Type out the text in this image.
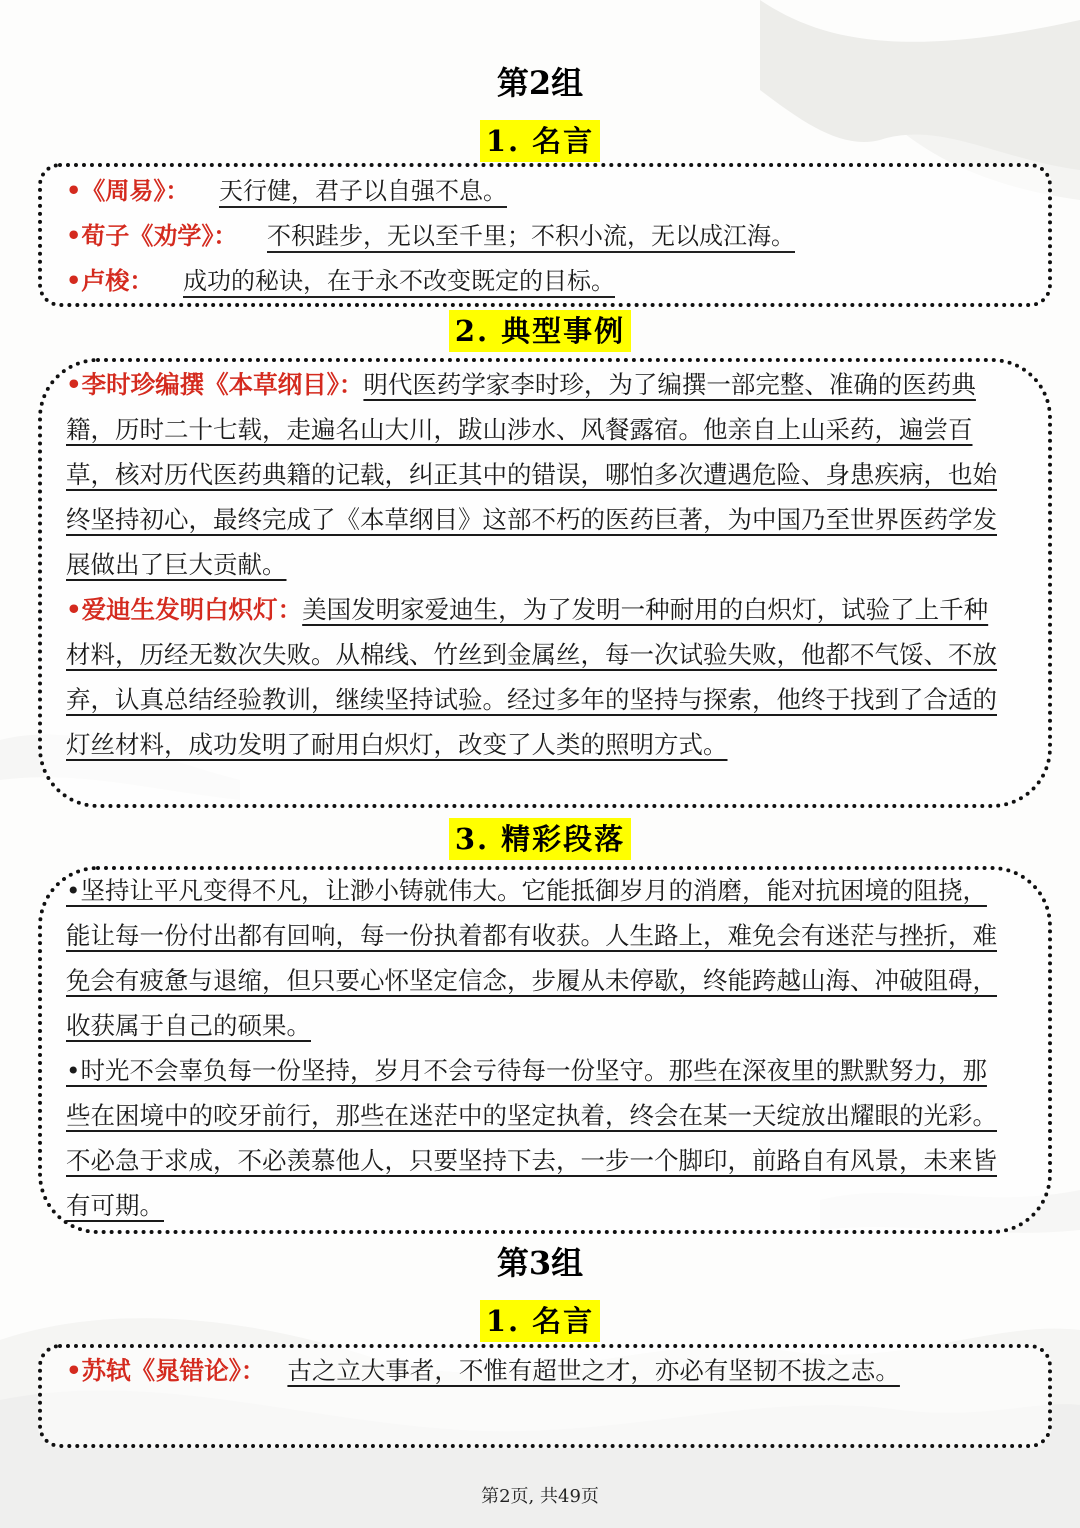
第2组
1. 名言
•《周易》： 天行健，君子以自强不息。
•荀子《劝学》： 不积跬步，无以至千里；不积小流，无以成江海。
•卢梭： 成功的秘诀，在于永不改变既定的目标。
2. 典型事例

•李时珍编撰《本草纲目》：明代医药学家李时珍，为了编撰一部完整、准确的医药典籍，历时二十七载，走遍名山大川，跋山涉水、风餐露宿。他亲自上山采药，遍尝百草，核对历代医药典籍的记载，纠正其中的错误，哪怕多次遭遇危险、身患疾病，也始终坚持初心，最终完成了《本草纲目》这部不朽的医药巨著，为中国乃至世界医药学发展做出了巨大贡献。

•爱迪生发明白炽灯：美国发明家爱迪生，为了发明一种耐用的白炽灯，试验了上千种材料，历经无数次失败。从棉线、竹丝到金属丝，每一次试验失败，他都不气馁、不放弃，认真总结经验教训，继续坚持试验。经过多年的坚持与探索，他终于找到了合适的灯丝材料，成功发明了耐用白炽灯，改变了人类的照明方式。

3. 精彩段落

•坚持让平凡变得不凡，让渺小铸就伟大。它能抵御岁月的消磨，能对抗困境的阻挠，能让每一份付出都有回响，每一份执着都有收获。人生路上，难免会有迷茫与挫折，难免会有疲惫与退缩，但只要心怀坚定信念，步履从未停歇，终能跨越山海、冲破阻碍，收获属于自己的硕果。

•时光不会辜负每一份坚持，岁月不会亏待每一份坚守。那些在深夜里的默默努力，那些在困境中的咬牙前行，那些在迷茫中的坚定执着，终会在某一天绽放出耀眼的光彩。不必急于求成，不必羡慕他人，只要坚持下去，一步一个脚印，前路自有风景，未来皆有可期。

第3组
1. 名言

•苏轼《晁错论》： 古之立大事者，不惟有超世之才，亦必有坚韧不拔之志。

第2页, 共49页
